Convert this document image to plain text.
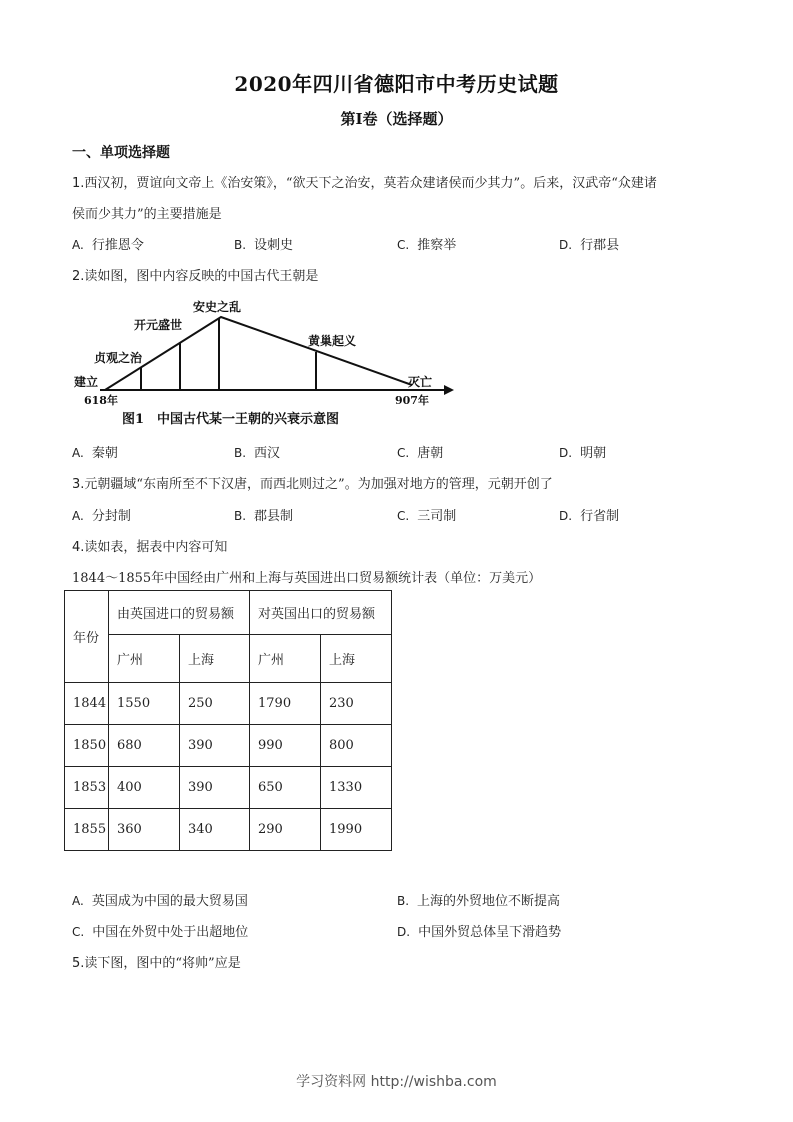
2020年四川省德阳市中考历史试题
第Ⅰ卷（选择题）
一、单项选择题
1.西汉初，贾谊向文帝上《治安策》，“欲天下之治安，莫若众建诸侯而少其力”。后来，汉武帝“众建诸
侯而少其力”的主要措施是
A. 行推恩令	B. 设刺史	C. 推察举	D. 行郡县
2.读如图，图中内容反映的中国古代王朝是
建立
贞观之治
开元盛世
安史之乱
黄巢起义
灭亡
618年	907年
图1　中国古代某一王朝的兴衰示意图
A. 秦朝	B. 西汉	C. 唐朝	D. 明朝
3.元朝疆域“东南所至不下汉唐，而西北则过之”。为加强对地方的管理，元朝开创了
A. 分封制	B. 郡县制	C. 三司制	D. 行省制
4.读如表，据表中内容可知
1844～1855年中国经由广州和上海与英国进出口贸易额统计表（单位：万美元）
年份	由英国进口的贸易额		对英国出口的贸易额	
	广州	上海	广州	上海
1844	1550	250	1790	230
1850	680	390	990	800
1853	400	390	650	1330
1855	360	340	290	1990
A. 英国成为中国的最大贸易国	B. 上海的外贸地位不断提高
C. 中国在外贸中处于出超地位	D. 中国外贸总体呈下滑趋势
5.读下图，图中的“将帅”应是
学习资料网 http://wishba.com
